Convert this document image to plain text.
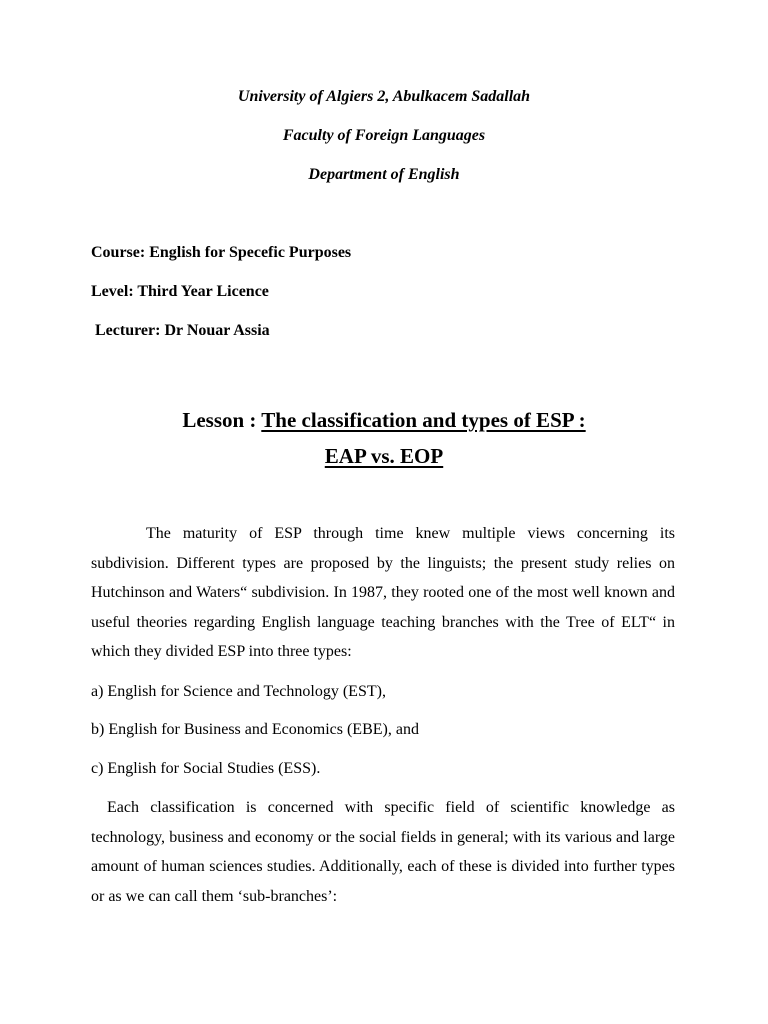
University of Algiers 2, Abulkacem Sadallah
Faculty of Foreign Languages
Department of English
Course: English for Specefic Purposes
Level: Third Year Licence
Lecturer: Dr Nouar Assia
Lesson : The classification and types of ESP :
EAP vs. EOP
The maturity of ESP through time knew multiple views concerning its subdivision. Different types are proposed by the linguists; the present study relies on Hutchinson and Waters“ subdivision. In 1987, they rooted one of the most well known and useful theories regarding English language teaching branches with the Tree of ELT“ in which they divided ESP into three types:
a) English for Science and Technology (EST),
b) English for Business and Economics (EBE), and
c) English for Social Studies (ESS).
Each classification is concerned with specific field of scientific knowledge as technology, business and economy or the social fields in general; with its various and large amount of human sciences studies. Additionally, each of these is divided into further types or as we can call them ‘sub-branches’:
